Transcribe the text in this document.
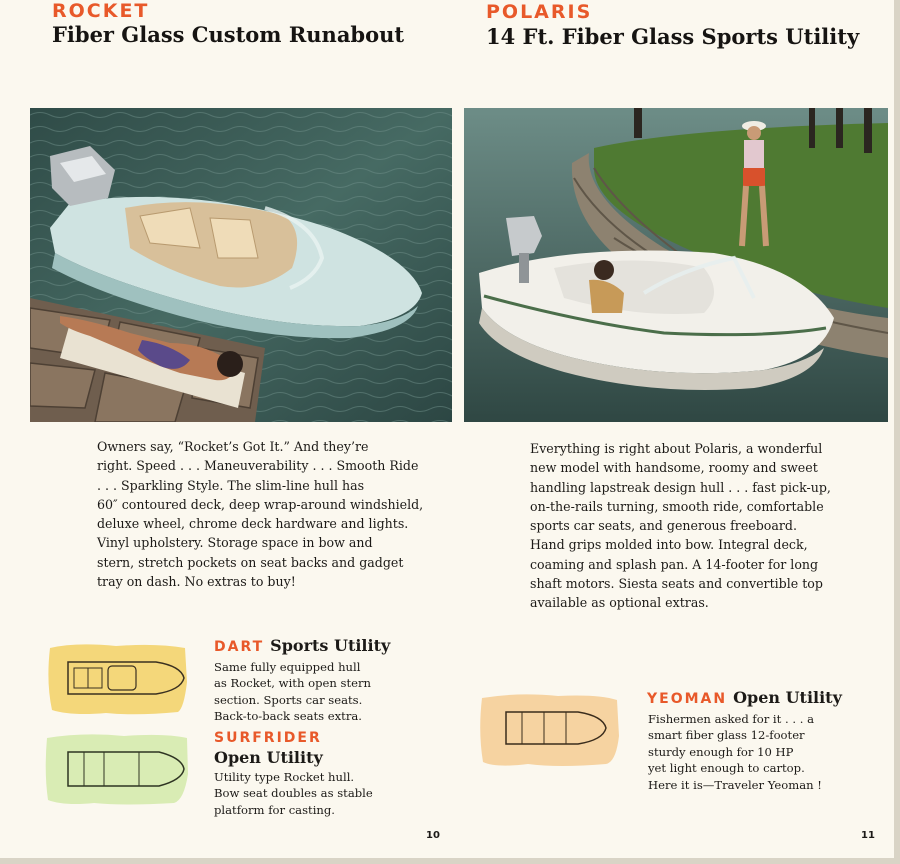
ROCKET
Fiber Glass Custom Runabout
POLARIS
14 Ft. Fiber Glass Sports Utility
Owners say, “Rocket’s Got It.” And they’re
right. Speed . . . Maneuverability . . . Smooth Ride
. . . Sparkling Style. The slim-line hull has
60″ contoured deck, deep wrap-around windshield,
deluxe wheel, chrome deck hardware and lights.
Vinyl upholstery. Storage space in bow and
stern, stretch pockets on seat backs and gadget
tray on dash. No extras to buy!
Everything is right about Polaris, a wonderful
new model with handsome, roomy and sweet
handling lapstreak design hull . . . fast pick-up,
on-the-rails turning, smooth ride, comfortable
sports car seats, and generous freeboard.
Hand grips molded into bow. Integral deck,
coaming and splash pan. A 14-footer for long
shaft motors. Siesta seats and convertible top
available as optional extras.
DART Sports Utility
Same fully equipped hull
as Rocket, with open stern
section. Sports car seats.
Back-to-back seats extra.
SURFRIDER
Open Utility
Utility type Rocket hull.
Bow seat doubles as stable
platform for casting.
YEOMAN Open Utility
Fishermen asked for it . . . a
smart fiber glass 12-footer
sturdy enough for 10 HP
yet light enough to cartop.
Here it is—Traveler Yeoman !
10	11
